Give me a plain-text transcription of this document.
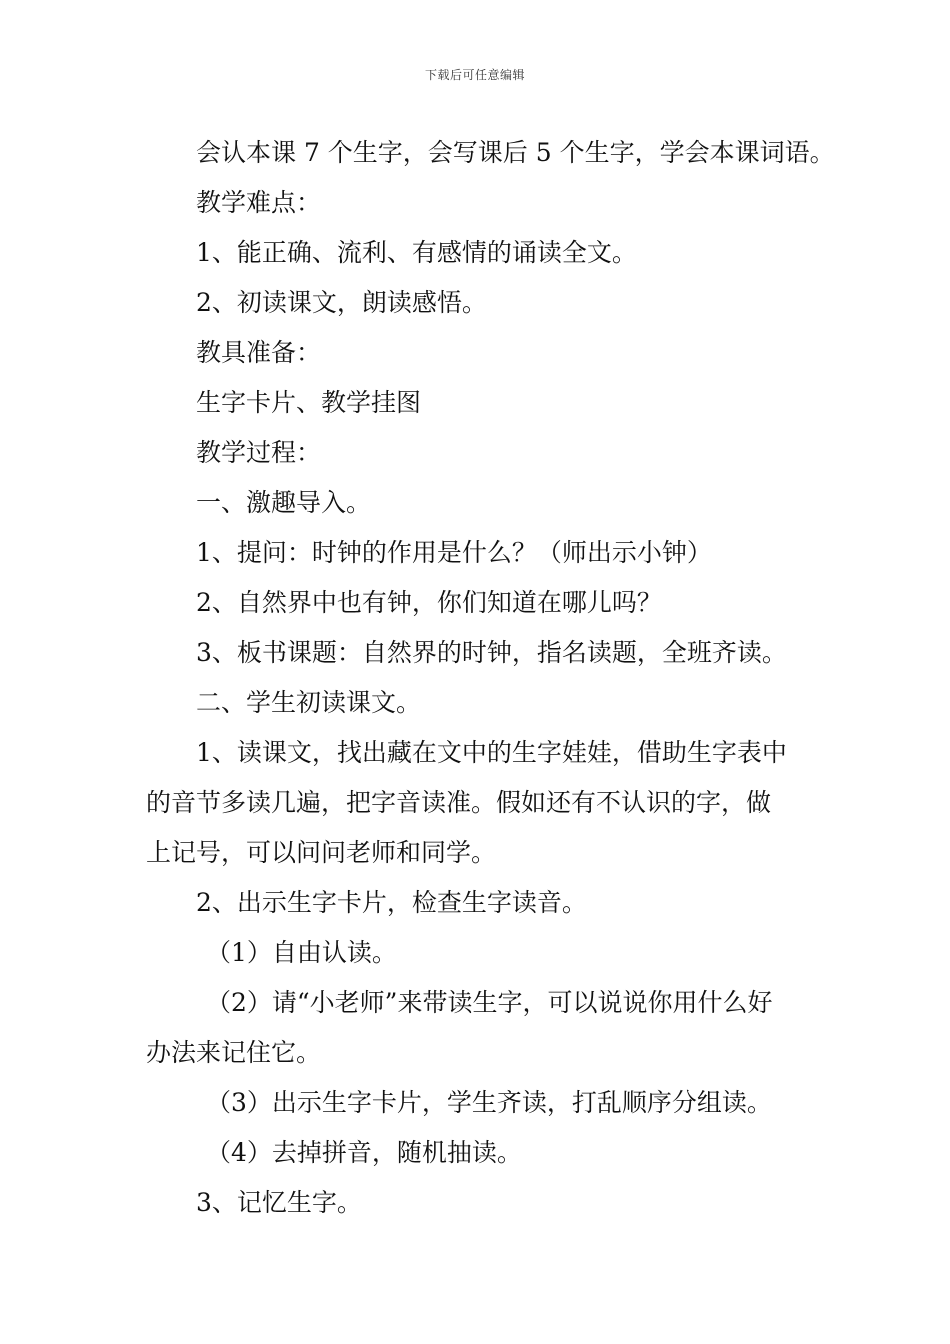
下载后可任意编辑
会认本课 7 个生字，会写课后 5 个生字，学会本课词语。
教学难点：
1、能正确、流利、有感情的诵读全文。
2、初读课文，朗读感悟。
教具准备：
生字卡片、教学挂图
教学过程：
一、激趣导入。
1、提问：时钟的作用是什么？（师出示小钟）
2、自然界中也有钟，你们知道在哪儿吗？
3、板书课题：自然界的时钟，指名读题，全班齐读。
二、学生初读课文。
1、读课文，找出藏在文中的生字娃娃，借助生字表中
的音节多读几遍，把字音读准。假如还有不认识的字，做
上记号，可以问问老师和同学。
2、出示生字卡片，检查生字读音。
（1）自由认读。
（2）请“小老师”来带读生字，可以说说你用什么好
办法来记住它。
（3）出示生字卡片，学生齐读，打乱顺序分组读。
（4）去掉拼音，随机抽读。
3、记忆生字。
